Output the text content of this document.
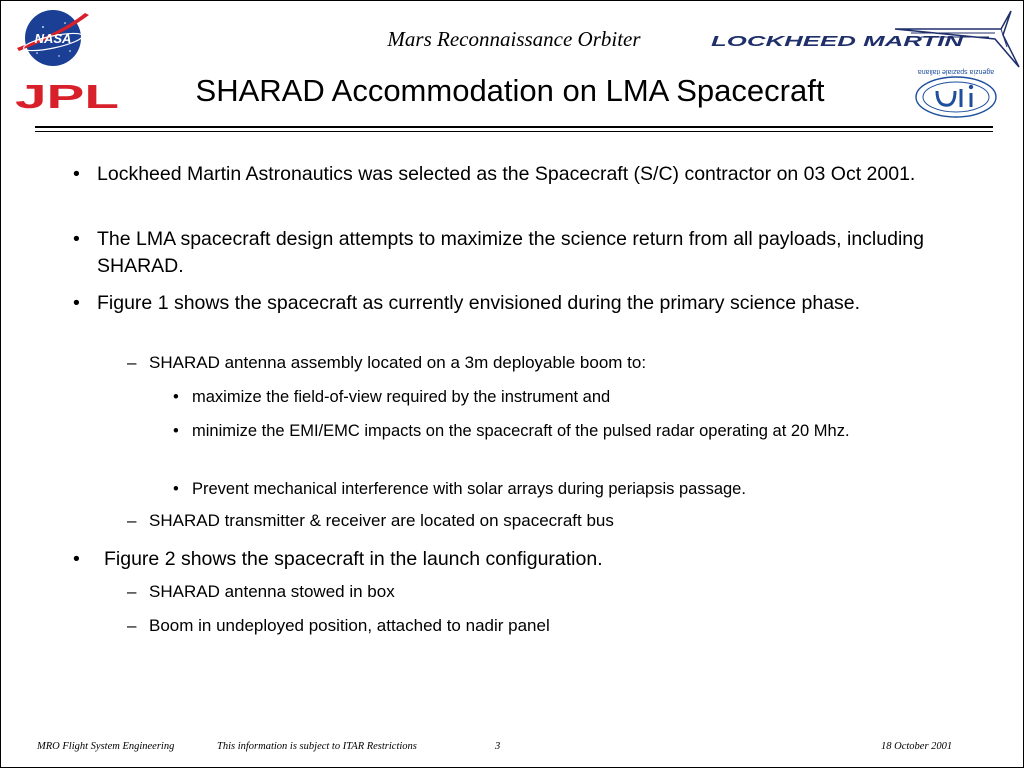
NASA
JPL
Mars Reconnaissance Orbiter	LOCKHEED MARTIN
agenzia spaziale italiana
SHARAD Accommodation on LMA Spacecraft
• Lockheed Martin Astronautics was selected as the Spacecraft (S/C) contractor on 03 Oct 2001.
• The LMA spacecraft design attempts to maximize the science return from all payloads, including SHARAD.
• Figure 1 shows the spacecraft as currently envisioned during the primary science phase.
– SHARAD antenna assembly located on a 3m deployable boom to:
• maximize the field-of-view required by the instrument and
• minimize the EMI/EMC impacts on the spacecraft of the pulsed radar operating at 20 Mhz.
• Prevent mechanical interference with solar arrays during periapsis passage.
– SHARAD transmitter & receiver are located on spacecraft bus
• Figure 2 shows the spacecraft in the launch configuration.
– SHARAD antenna stowed in box
– Boom in undeployed position, attached to nadir panel
MRO Flight System Engineering	This information is subject to ITAR Restrictions	3	18 October 2001
